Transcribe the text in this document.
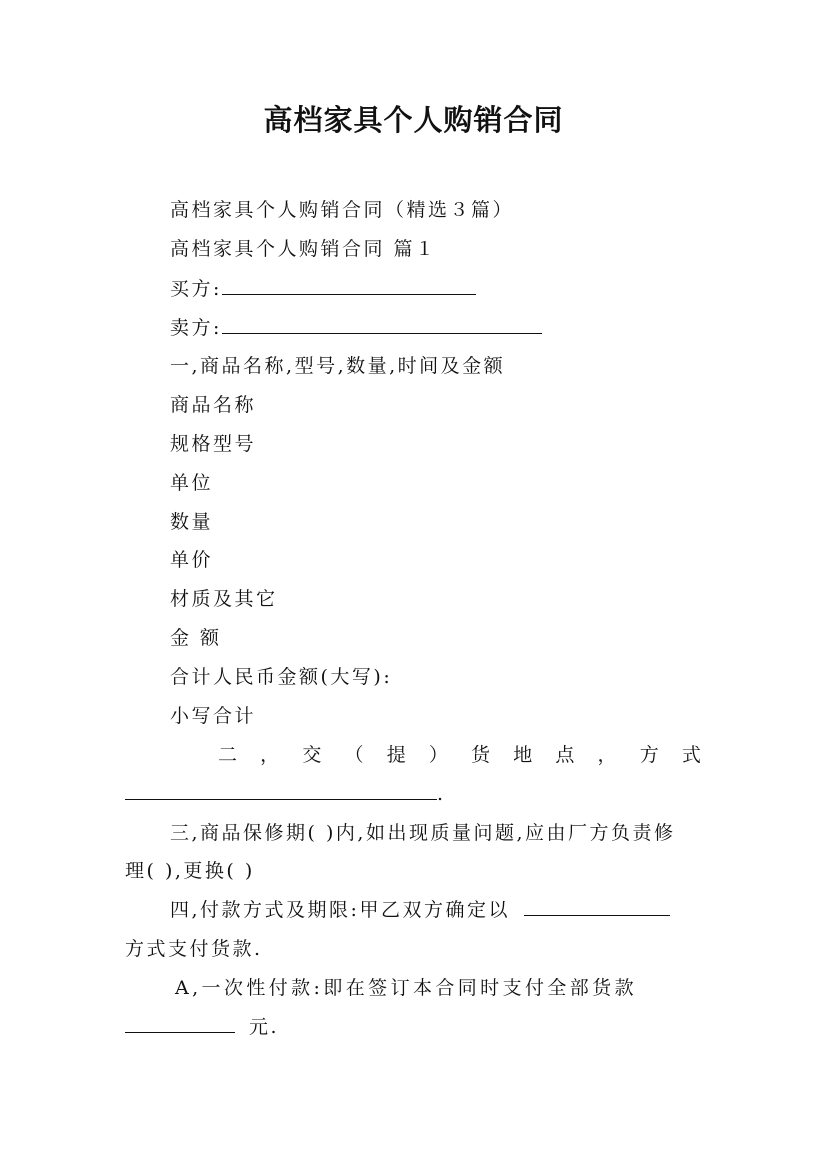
高档家具个人购销合同
高档家具个人购销合同（精选３篇）
高档家具个人购销合同 篇１
买方:
卖方:
一,商品名称,型号,数量,时间及金额
商品名称
规格型号
单位
数量
单价
材质及其它
金 额
合计人民币金额(大写):
小写合计
二 ， 交 （ 提 ） 货 地 点 ， 方 式
.
三,商品保修期( )内,如出现质量问题,应由厂方负责修
理( ),更换( )
四,付款方式及期限:甲乙双方确定以
方式支付货款.
A,一次性付款:即在签订本合同时支付全部货款
元.
